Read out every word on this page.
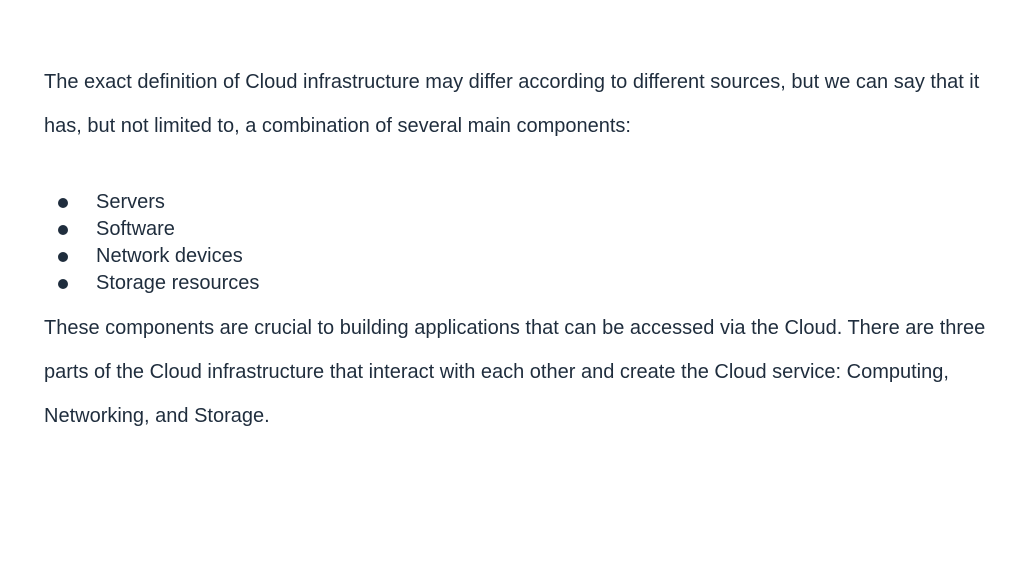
The exact definition of Cloud infrastructure may differ according to different sources, but we can say that it has, but not limited to, a combination of several main components:

Servers
Software
Network devices
Storage resources

These components are crucial to building applications that can be accessed via the Cloud. There are three parts of the Cloud infrastructure that interact with each other and create the Cloud service: Computing, Networking, and Storage.
